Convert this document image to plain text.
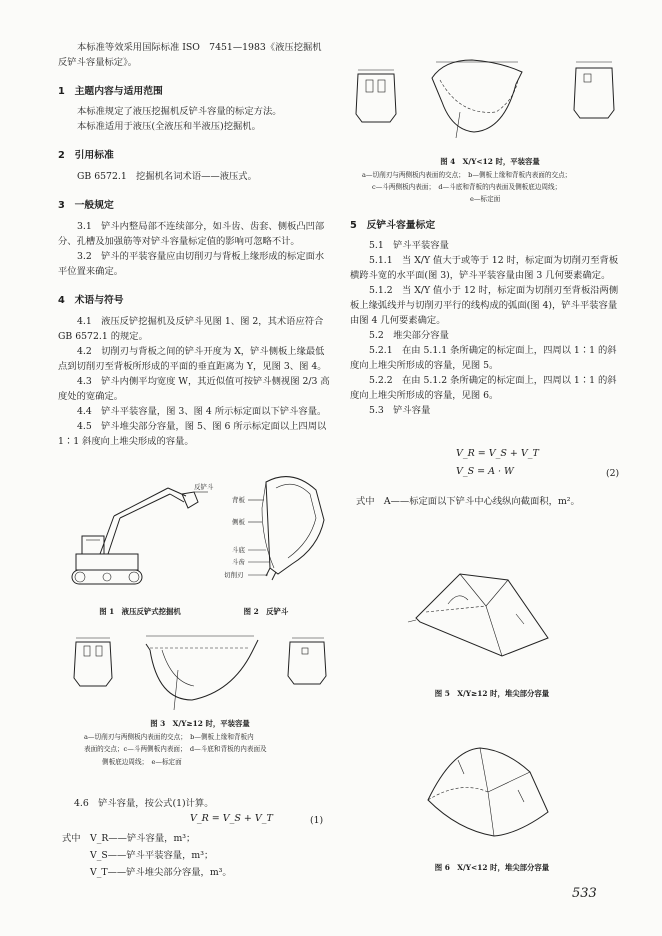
本标准等效采用国际标准 ISO　7451—1983《液压挖掘机反铲斗容量标定》。

1　主题内容与适用范围

本标准规定了液压挖掘机反铲斗容量的标定方法。

本标准适用于液压(全液压和半液压)挖掘机。

2　引用标准

GB 6572.1　挖掘机名词术语——液压式。

3　一般规定

3.1　铲斗内整局部不连续部分，如斗齿、齿套、侧板凸凹部分、孔槽及加强筋等对铲斗容量标定值的影响可忽略不计。

3.2　铲斗的平装容量应由切削刃与背板上缘形成的标定面水平位置来确定。

4　术语与符号

4.1　液压反铲挖掘机及反铲斗见图 1、图 2，其术语应符合 GB 6572.1 的规定。

4.2　切削刃与背板之间的铲斗开度为 X，铲斗侧板上缘最低点到切削刃至背板所形成的平面的垂直距离为 Y，见图 3、图 4。

4.3　铲斗内侧平均宽度 W，其近似值可按铲斗侧视图 2/3 高度处的宽确定。

4.4　铲斗平装容量，图 3、图 4 所示标定面以下铲斗容量。

4.5　铲斗堆尖部分容量，图 5、图 6 所示标定面以上四周以 1∶1 斜度向上堆尖形成的容量。

反铲斗
背板
侧板
斗底
斗齿
切削刃

图 1　液压反铲式挖掘机	图 2　反铲斗

图 3　X/Y≥12 时，平装容量

a—切削刃与两侧板内表面的交点；　b—侧板上缘和背板内

表面的交点；c—斗两侧板内表面；　d—斗底和背板的内表面及

侧板底边周线；　e—标定面

4.6　铲斗容量，按公式(1)计算。

V_R = V_S + V_T	(1)

式中 V_R——铲斗容量，m³；

V_S——铲斗平装容量，m³；

V_T——铲斗堆尖部分容量，m³。

图 4　X/Y<12 时，平装容量

a—切削刃与两侧板内表面的交点；　b—侧板上缘和背板内表面的交点；

c—斗两侧板内表面；　d—斗底和背板的内表面及侧板底边周线；

e—标定面

5　反铲斗容量标定

5.1　铲斗平装容量

5.1.1　当 X/Y 值大于或等于 12 时，标定面为切削刃至背板横跨斗宽的水平面(图 3)，铲斗平装容量由图 3 几何要素确定。

5.1.2　当 X/Y 值小于 12 时，标定面为切削刃至背板沿两侧板上缘弧线并与切削刃平行的线构成的弧面(图 4)，铲斗平装容量由图 4 几何要素确定。

5.2　堆尖部分容量

5.2.1　在由 5.1.1 条所确定的标定面上，四周以 1∶1 的斜度向上堆尖所形成的容量，见图 5。

5.2.2　在由 5.1.2 条所确定的标定面上，四周以 1∶1 的斜度向上堆尖所形成的容量，见图 6。

5.3　铲斗容量

V_R = V_S + V_T

V_S = A · W	(2)

式中　A——标定面以下铲斗中心线纵向截面积，m²。

图 5　X/Y≥12 时，堆尖部分容量

图 6　X/Y<12 时，堆尖部分容量

533
